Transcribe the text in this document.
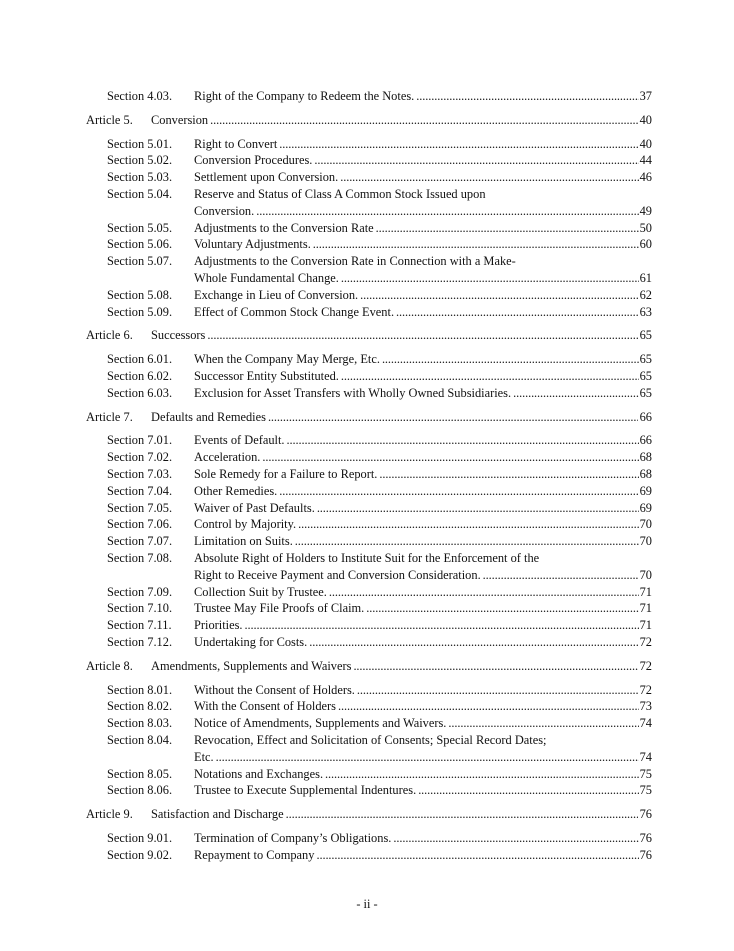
Section 4.03. Right of the Company to Redeem the Notes.	37
. . .
Article 5. Conversion	40
. . .
Section 5.01. Right to Convert	40
. . .
Section 5.02. Conversion Procedures.	44
. . .
Section 5.03. Settlement upon Conversion.	46
. . .
Section 5.04. Reserve and Status of Class A Common Stock Issued upon
Conversion.	49
. . .
Section 5.05. Adjustments to the Conversion Rate	50
. . .
Section 5.06. Voluntary Adjustments.	60
. . .
Section 5.07. Adjustments to the Conversion Rate in Connection with a Make-
Whole Fundamental Change.	61
. . .
Section 5.08. Exchange in Lieu of Conversion.	62
. . .
Section 5.09. Effect of Common Stock Change Event.	63
. . .
Article 6. Successors	65
. . .
Section 6.01. When the Company May Merge, Etc.	65
. . .
Section 6.02. Successor Entity Substituted.	65
. . .
Section 6.03. Exclusion for Asset Transfers with Wholly Owned Subsidiaries.	65
. . .
Article 7. Defaults and Remedies	66
. . .
Section 7.01. Events of Default.	66
. . .
Section 7.02. Acceleration.	68
. . .
Section 7.03. Sole Remedy for a Failure to Report.	68
. . .
Section 7.04. Other Remedies.	69
. . .
Section 7.05. Waiver of Past Defaults.	69
. . .
Section 7.06. Control by Majority.	70
. . .
Section 7.07. Limitation on Suits.	70
. . .
Section 7.08. Absolute Right of Holders to Institute Suit for the Enforcement of the
Right to Receive Payment and Conversion Consideration.	70
. . .
Section 7.09. Collection Suit by Trustee.	71
. . .
Section 7.10. Trustee May File Proofs of Claim.	71
. . .
Section 7.11. Priorities.	71
. . .
Section 7.12. Undertaking for Costs.	72
. . .
Article 8. Amendments, Supplements and Waivers	72
. . .
Section 8.01. Without the Consent of Holders.	72
. . .
Section 8.02. With the Consent of Holders	73
. . .
Section 8.03. Notice of Amendments, Supplements and Waivers.	74
. . .
Section 8.04. Revocation, Effect and Solicitation of Consents; Special Record Dates;
Etc.	74
. . .
Section 8.05. Notations and Exchanges.	75
. . .
Section 8.06. Trustee to Execute Supplemental Indentures.	75
. . .
Article 9. Satisfaction and Discharge	76
. . .
Section 9.01. Termination of Company’s Obligations.	76
. . .
Section 9.02. Repayment to Company	76
. . .
- ii -
